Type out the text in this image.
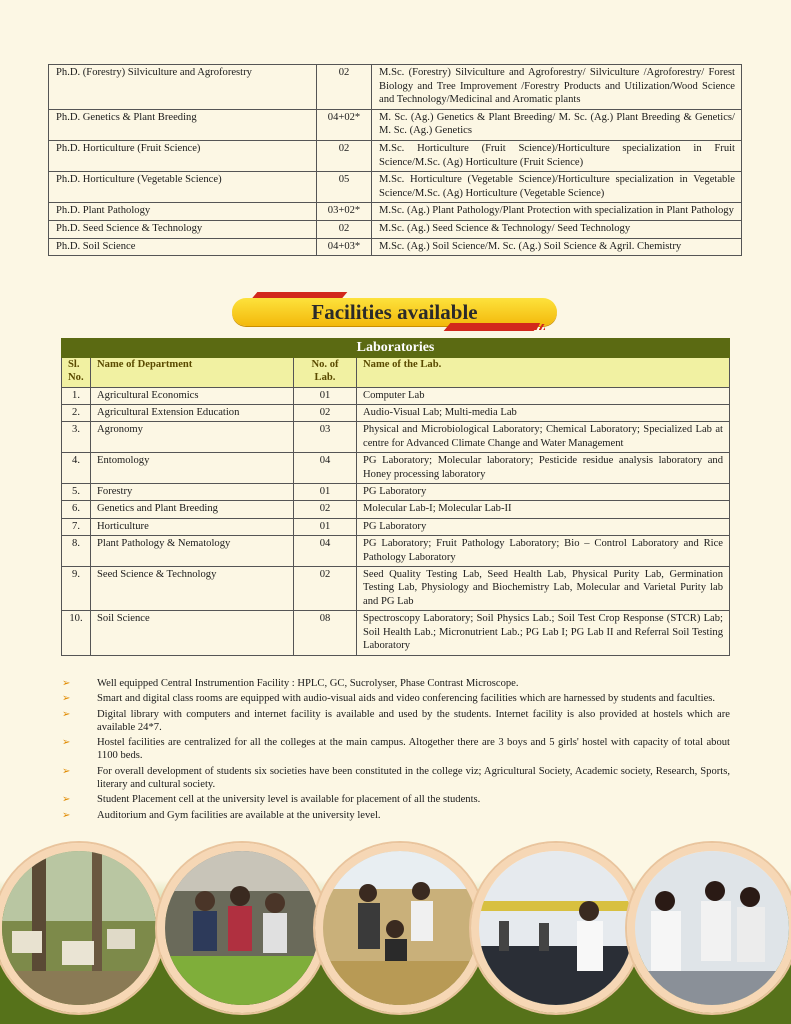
Ph.D. (Forestry) Silviculture and Agroforestry	02	M.Sc. (Forestry) Silviculture and Agroforestry/ Silviculture /Agroforestry/ Forest Biology and Tree Improvement /Forestry Products and Utilization/Wood Science and Technology/Medicinal and Aromatic plants
Ph.D. Genetics & Plant Breeding	04+02*	M. Sc. (Ag.) Genetics & Plant Breeding/ M. Sc. (Ag.) Plant Breeding & Genetics/ M. Sc. (Ag.) Genetics
Ph.D. Horticulture (Fruit Science)	02	M.Sc. Horticulture (Fruit Science)/Horticulture specialization in Fruit Science/M.Sc. (Ag) Horticulture (Fruit Science)
Ph.D. Horticulture (Vegetable Science)	05	M.Sc. Horticulture (Vegetable Science)/Horticulture specialization in Vegetable Science/M.Sc. (Ag) Horticulture (Vegetable Science)
Ph.D. Plant Pathology	03+02*	M.Sc. (Ag.) Plant Pathology/Plant Protection with specialization in Plant Pathology
Ph.D. Seed Science & Technology	02	M.Sc. (Ag.) Seed Science & Technology/ Seed Technology
Ph.D. Soil Science	04+03*	M.Sc. (Ag.) Soil Science/M. Sc. (Ag.) Soil Science & Agril. Chemistry
Facilities available
Laboratories			
Sl. No.	Name of Department	No. of Lab.	Name of the Lab.
1.	Agricultural Economics	01	Computer Lab
2.	Agricultural Extension Education	02	Audio-Visual Lab; Multi-media Lab
3.	Agronomy	03	Physical and Microbiological Laboratory; Chemical Laboratory; Specialized Lab at centre for Advanced Climate Change and Water Management
4.	Entomology	04	PG Laboratory; Molecular laboratory; Pesticide residue analysis laboratory and Honey processing laboratory
5.	Forestry	01	PG Laboratory
6.	Genetics and Plant Breeding	02	Molecular Lab-I; Molecular Lab-II
7.	Horticulture	01	PG Laboratory
8.	Plant Pathology & Nematology	04	PG Laboratory; Fruit Pathology Laboratory; Bio – Control Laboratory and Rice Pathology Laboratory
9.	Seed Science & Technology	02	Seed Quality Testing Lab, Seed Health Lab, Physical Purity Lab, Germination Testing Lab, Physiology and Biochemistry Lab, Molecular and Varietal Purity lab and PG Lab
10.	Soil Science	08	Spectroscopy Laboratory; Soil Physics Lab.; Soil Test Crop Response (STCR) Lab; Soil Health Lab.; Micronutrient Lab.; PG Lab I; PG Lab II and Referral Soil Testing Laboratory
➢	Well equipped Central Instrumention Facility : HPLC, GC, Sucrolyser, Phase Contrast Microscope.
➢	Smart and digital class rooms are equipped with audio-visual aids and video conferencing facilities which are harnessed by students and faculties.
➢	Digital library with computers and internet facility is available and used by the students. Internet facility is also provided at hostels which are available 24*7.
➢	Hostel facilities are centralized for all the colleges at the main campus. Altogether there are 3 boys and 5 girls' hostel with capacity of total about 1100 beds.
➢	For overall development of students six societies have been constituted in the college viz; Agricultural Society, Academic society, Research, Sports, literary and cultural society.
➢	Student Placement cell at the university level is available for placement of all the students.
➢	Auditorium and Gym facilities are available at the university level.
